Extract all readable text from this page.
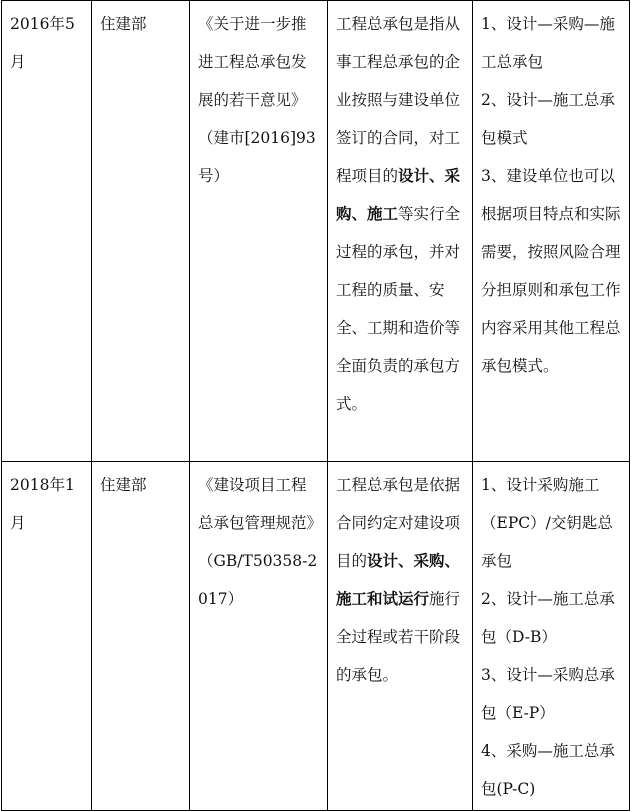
2016年5月	住建部	《关于进一步推进工程总承包发展的若干意见》（建市[2016]93号）	工程总承包是指从事工程总承包的企业按照与建设单位签订的合同，对工程项目的设计、采购、施工等实行全过程的承包，并对工程的质量、安全、工期和造价等全面负责的承包方式。	1、设计—采购—施工总承包
2、设计—施工总承包模式
3、建设单位也可以根据项目特点和实际需要，按照风险合理分担原则和承包工作内容采用其他工程总承包模式。

2018年1月	住建部	《建设项目工程总承包管理规范》（GB/T50358-2017）	工程总承包是依据合同约定对建设项目的设计、采购、施工和试运行施行全过程或若干阶段的承包。	1、设计采购施工（EPC）/交钥匙总承包
2、设计—施工总承包（D-B）
3、设计—采购总承包（E-P）
4、采购—施工总承包(P-C)
